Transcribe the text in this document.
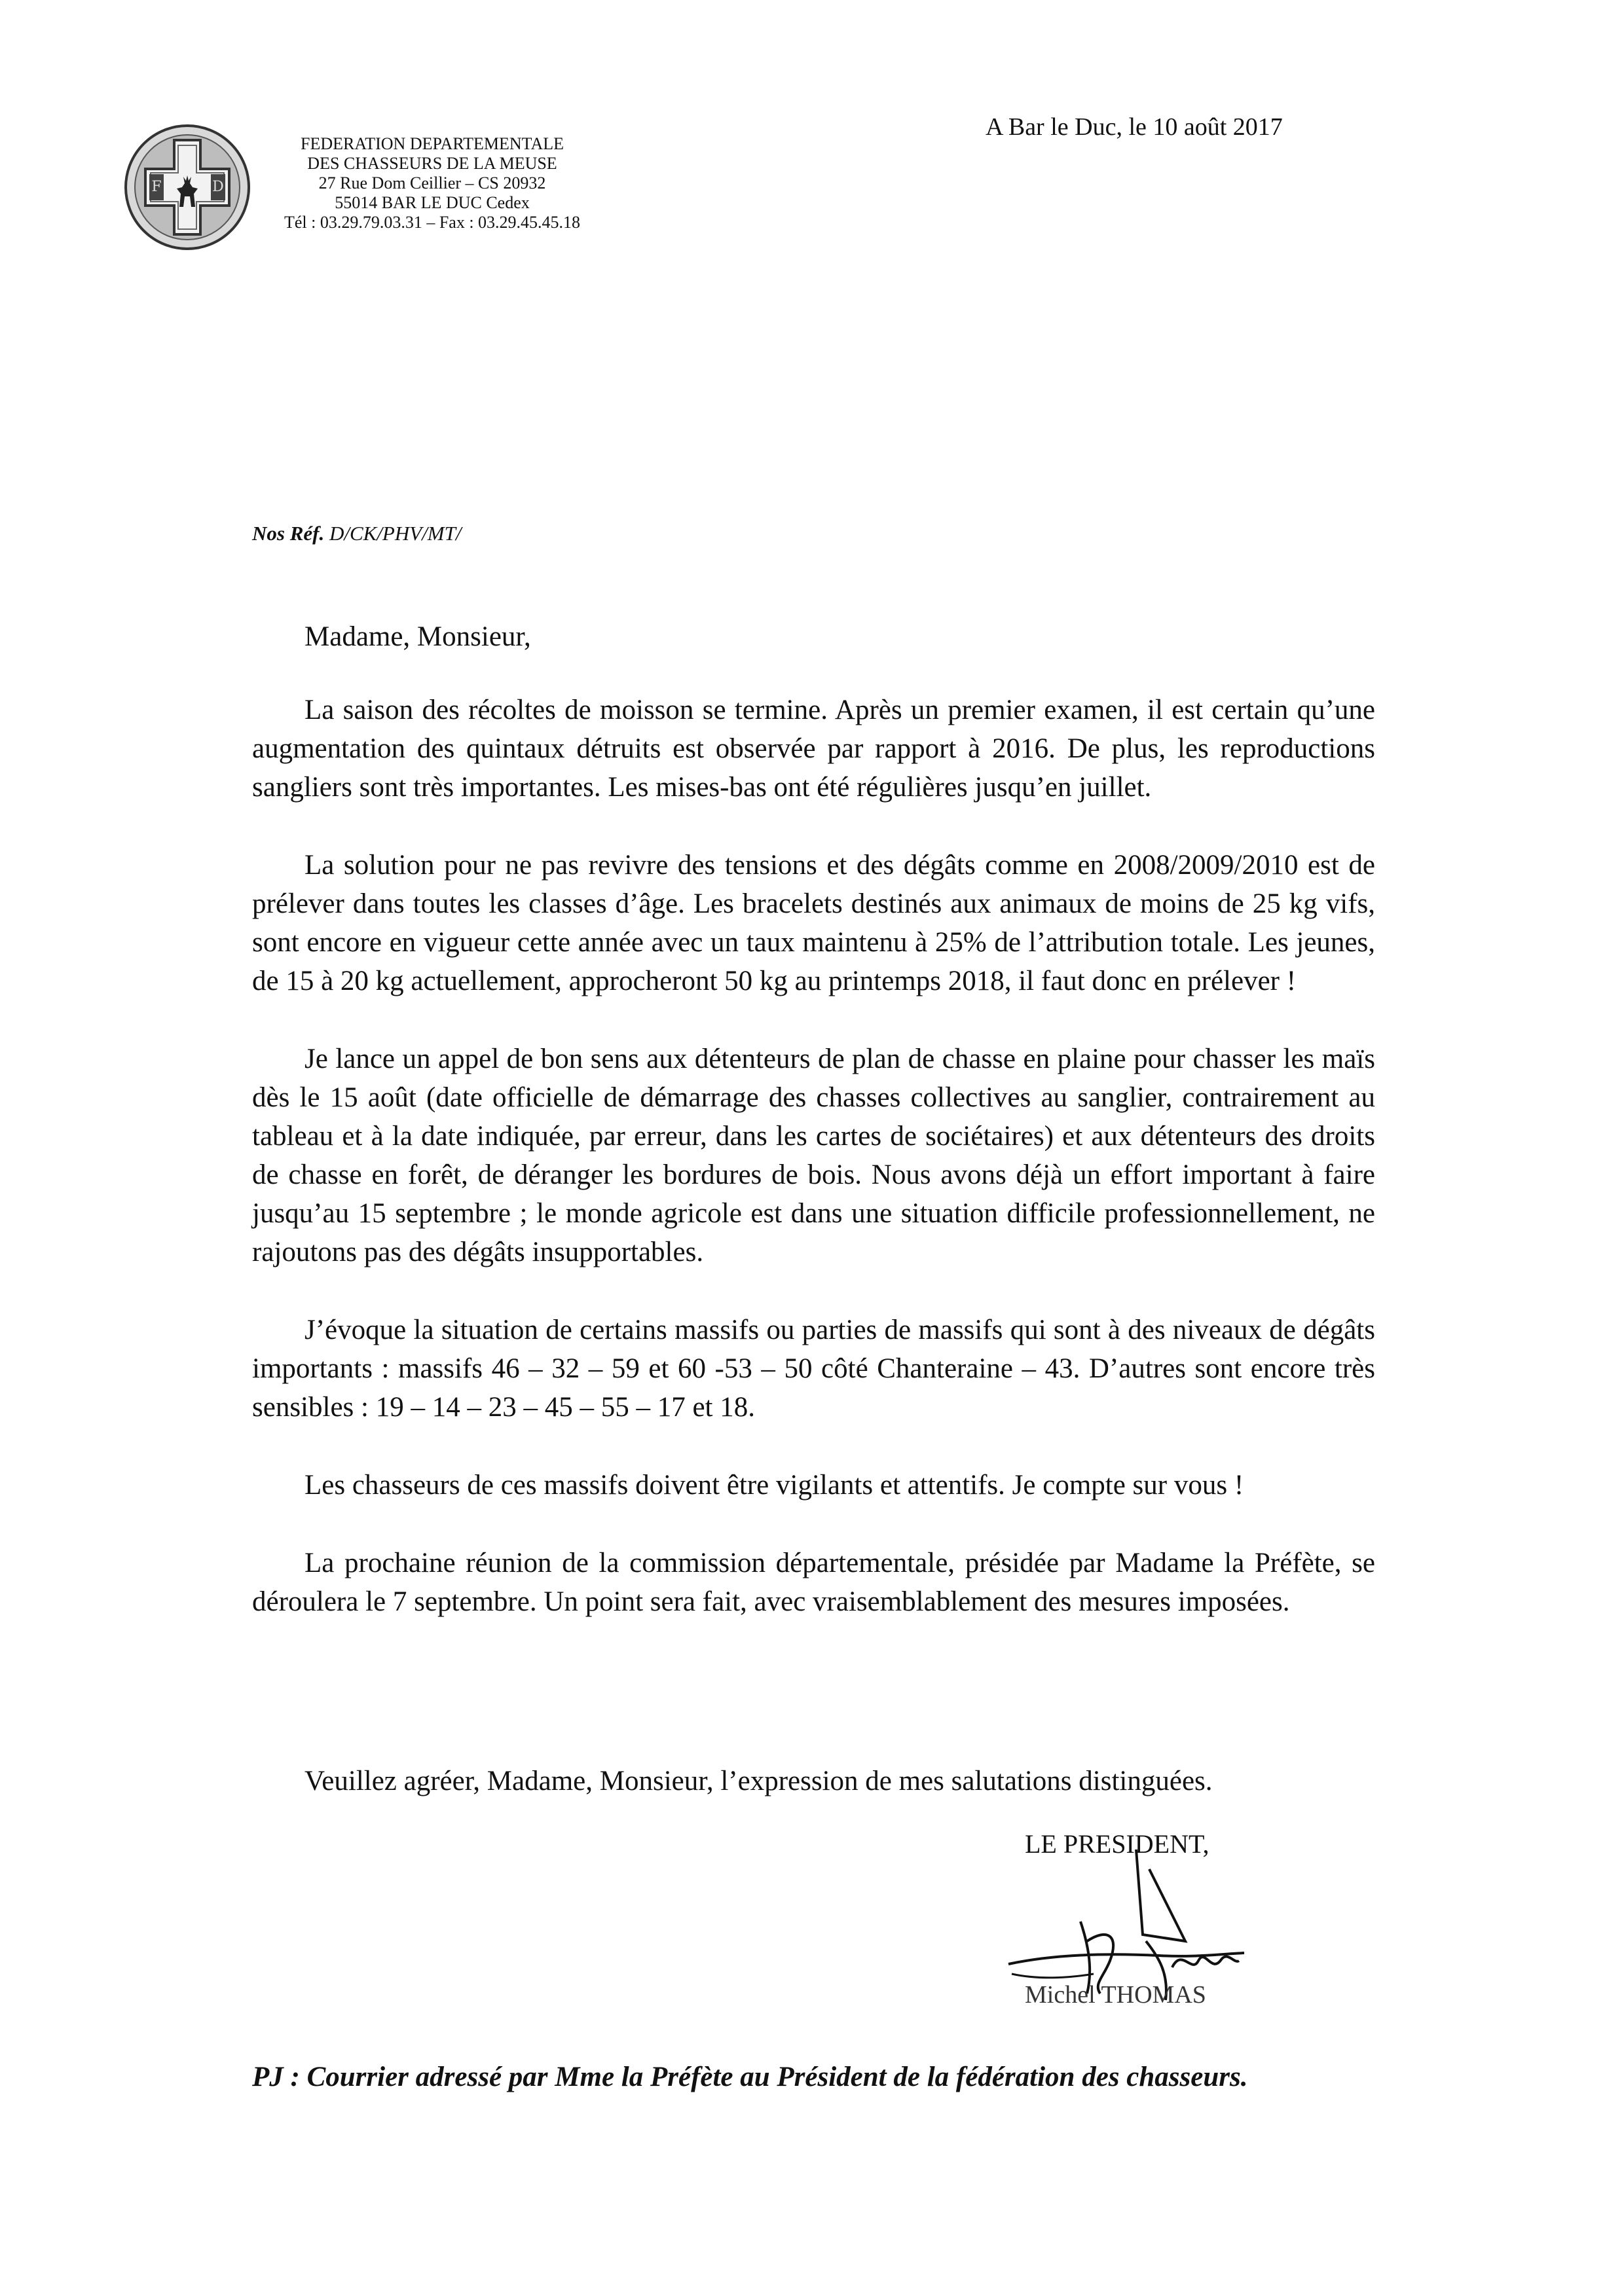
F	D
FEDERATION DEPARTEMENTALE
DES CHASSEURS DE LA MEUSE
27 Rue Dom Ceillier – CS 20932
55014 BAR LE DUC Cedex
Tél : 03.29.79.03.31 – Fax : 03.29.45.45.18
A Bar le Duc, le 10 août 2017
Nos Réf. D/CK/PHV/MT/
Madame, Monsieur,

La saison des récoltes de moisson se termine. Après un premier examen, il est certain qu’une augmentation des quintaux détruits est observée par rapport à 2016. De plus, les reproductions sangliers sont très importantes. Les mises-bas ont été régulières jusqu’en juillet.

La solution pour ne pas revivre des tensions et des dégâts comme en 2008/2009/2010 est de prélever dans toutes les classes d’âge. Les bracelets destinés aux animaux de moins de 25 kg vifs, sont encore en vigueur cette année avec un taux maintenu à 25% de l’attribution totale. Les jeunes, de 15 à 20 kg actuellement, approcheront 50 kg au printemps 2018, il faut donc en prélever !

Je lance un appel de bon sens aux détenteurs de plan de chasse en plaine pour chasser les maïs dès le 15 août (date officielle de démarrage des chasses collectives au sanglier, contrairement au tableau et à la date indiquée, par erreur, dans les cartes de sociétaires) et aux détenteurs des droits de chasse en forêt, de déranger les bordures de bois. Nous avons déjà un effort important à faire jusqu’au 15 septembre ; le monde agricole est dans une situation difficile professionnellement, ne rajoutons pas des dégâts insupportables.

J’évoque la situation de certains massifs ou parties de massifs qui sont à des niveaux de dégâts importants : massifs 46 – 32 – 59 et 60 -53 – 50 côté Chanteraine – 43. D’autres sont encore très sensibles : 19 – 14 – 23 – 45 – 55 – 17 et 18.

Les chasseurs de ces massifs doivent être vigilants et attentifs. Je compte sur vous !

La prochaine réunion de la commission départementale, présidée par Madame la Préfète, se déroulera le 7 septembre. Un point sera fait, avec vraisemblablement des mesures imposées.

Veuillez agréer, Madame, Monsieur, l’expression de mes salutations distinguées.
LE PRESIDENT,
Michel THOMAS
PJ : Courrier adressé par Mme la Préfète au Président de la fédération des chasseurs.
